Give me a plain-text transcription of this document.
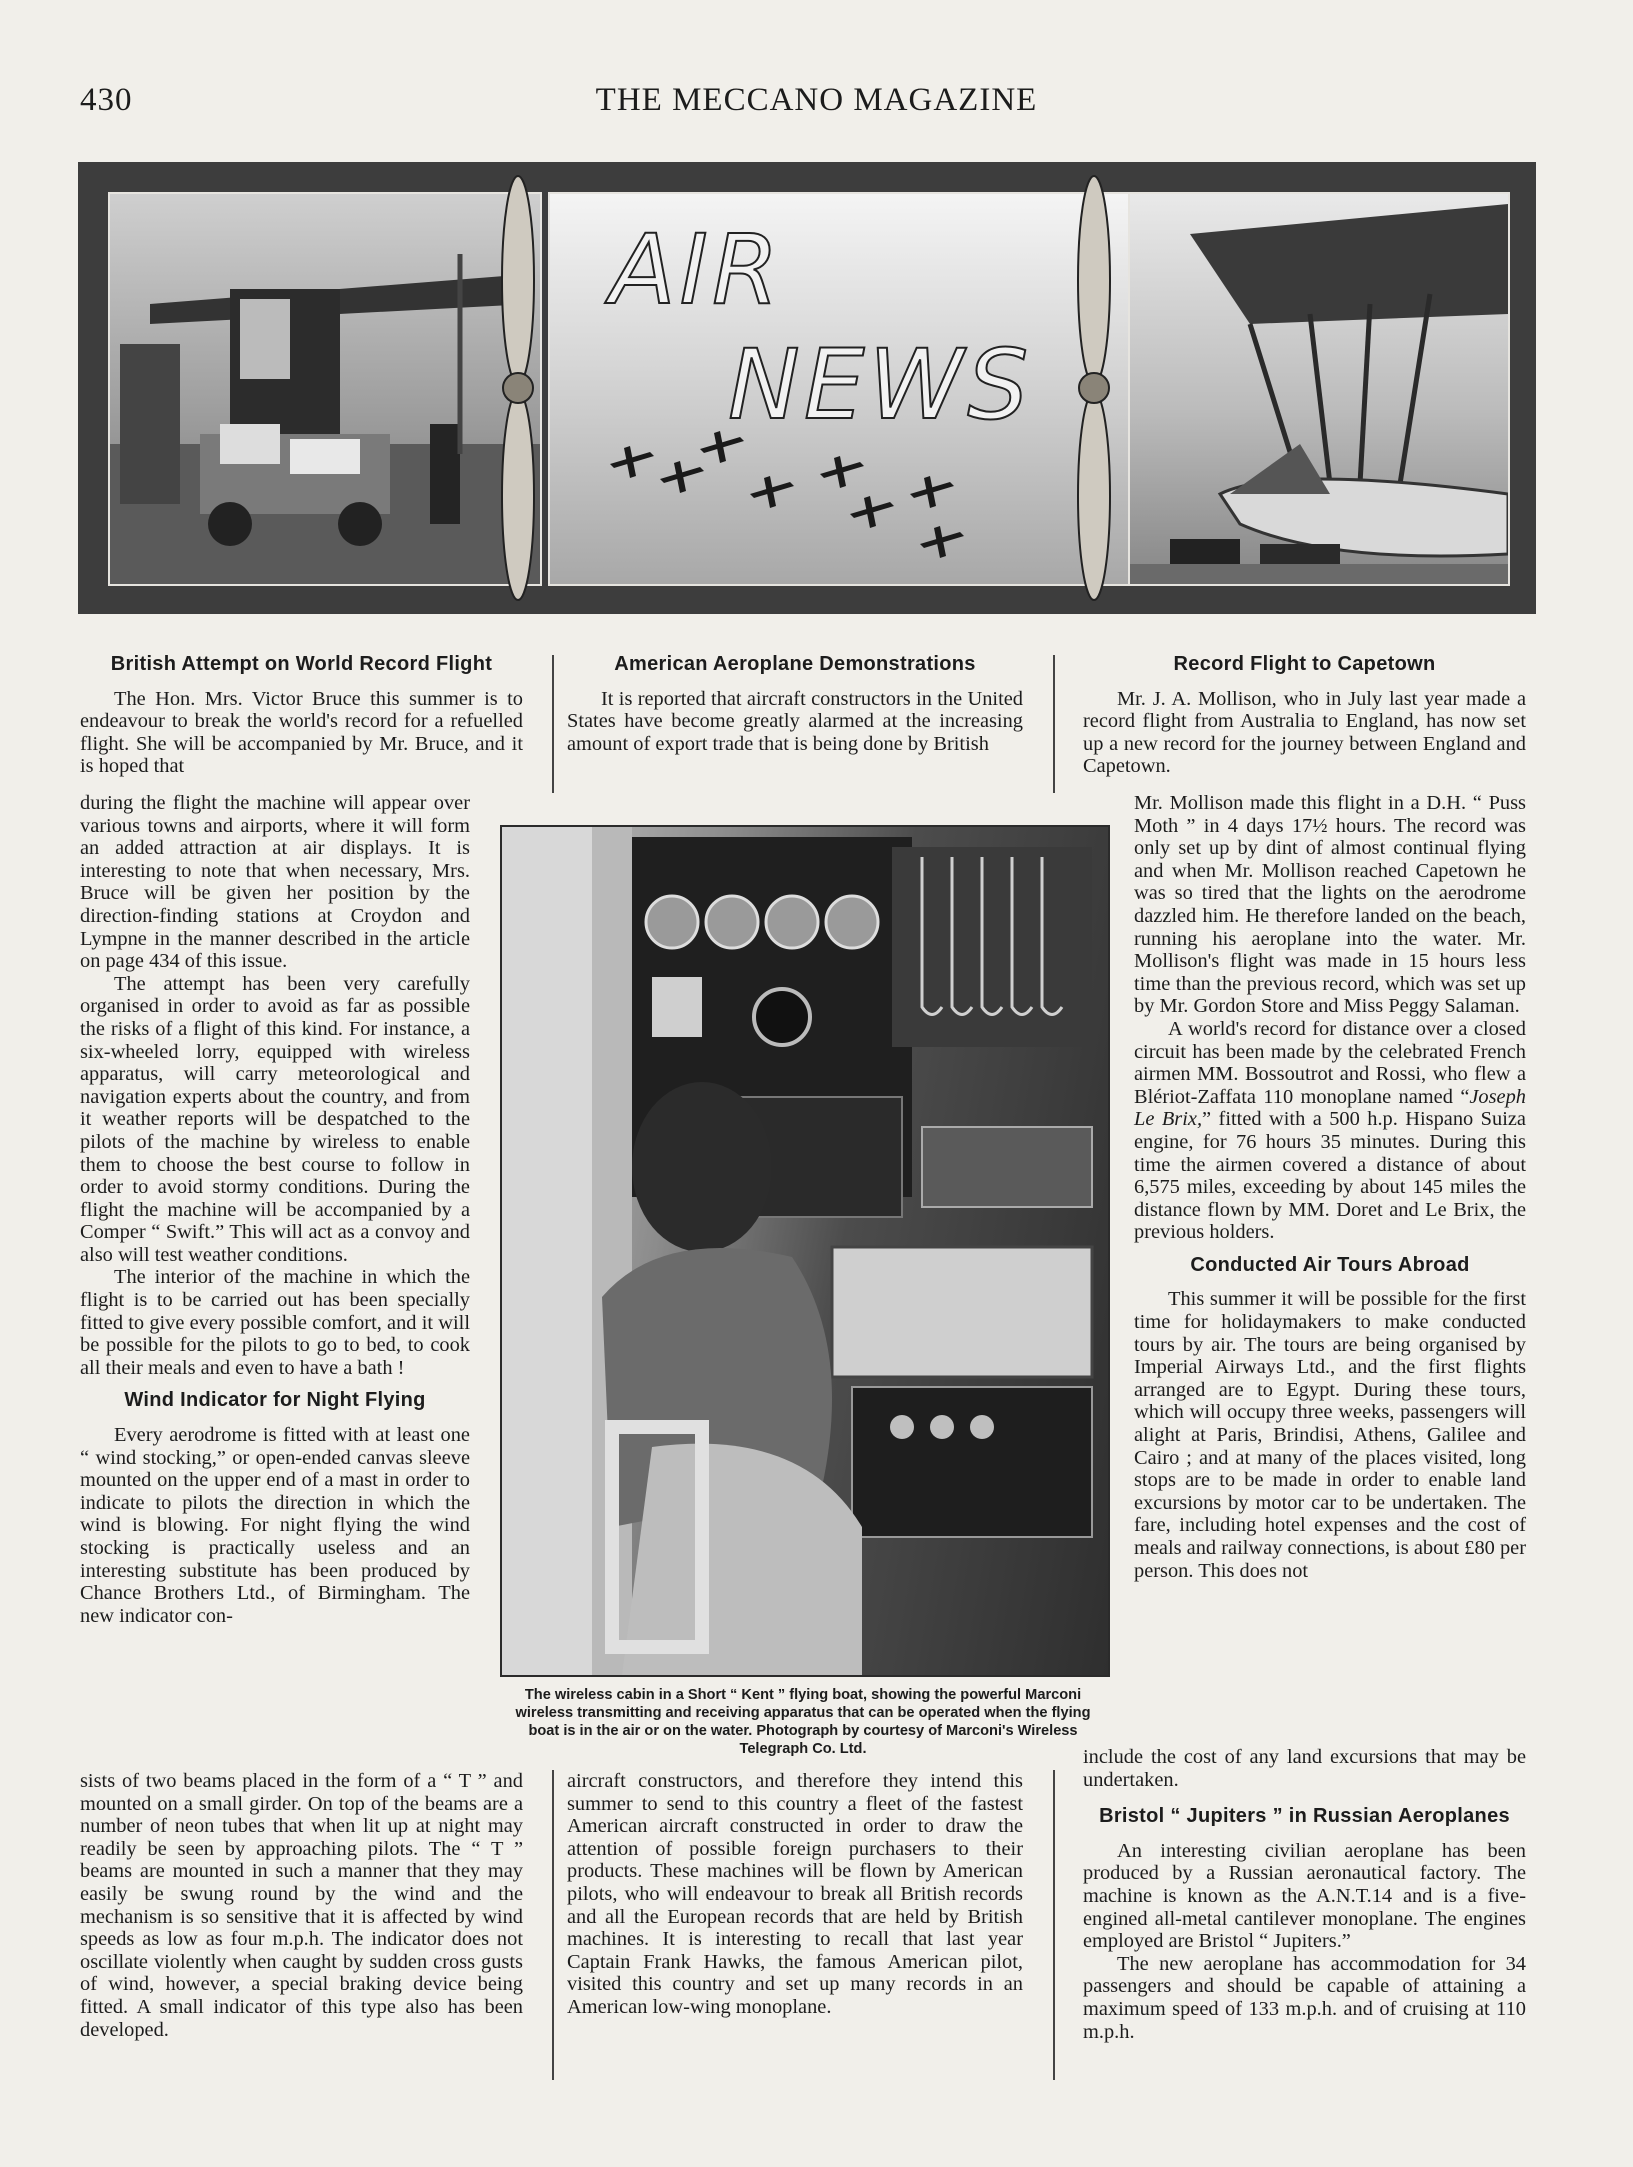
430	THE MECCANO MAGAZINE
AIR
NEWS
British Attempt on World Record Flight

The Hon. Mrs. Victor Bruce this summer is to endeavour to break the world's record for a refuelled flight. She will be accompanied by Mr. Bruce, and it is hoped that

during the flight the machine will appear over various towns and airports, where it will form an added attraction at air displays. It is interesting to note that when necessary, Mrs. Bruce will be given her position by the direction-finding stations at Croydon and Lympne in the manner described in the article on page 434 of this issue.

The attempt has been very carefully organised in order to avoid as far as possible the risks of a flight of this kind. For instance, a six-wheeled lorry, equipped with wireless apparatus, will carry meteorological and navigation experts about the country, and from it weather reports will be despatched to the pilots of the machine by wireless to enable them to choose the best course to follow in order to avoid stormy conditions. During the flight the machine will be accompanied by a Comper “ Swift.” This will act as a convoy and also will test weather conditions.

The interior of the machine in which the flight is to be carried out has been specially fitted to give every possible comfort, and it will be possible for the pilots to go to bed, to cook all their meals and even to have a bath !

Wind Indicator for Night Flying

Every aerodrome is fitted with at least one “ wind stocking,” or open-ended canvas sleeve mounted on the upper end of a mast in order to indicate to pilots the direction in which the wind is blowing. For night flying the wind stocking is practically useless and an interesting substitute has been produced by Chance Brothers Ltd., of Birmingham. The new indicator con-

sists of two beams placed in the form of a “ T ” and mounted on a small girder. On top of the beams are a number of neon tubes that when lit up at night may readily be seen by approaching pilots. The “ T ” beams are mounted in such a manner that they may easily be swung round by the wind and the mechanism is so sensitive that it is affected by wind speeds as low as four m.p.h. The indicator does not oscillate violently when caught by sudden cross gusts of wind, however, a special braking device being fitted. A small indicator of this type also has been developed.

American Aeroplane Demonstrations

It is reported that aircraft constructors in the United States have become greatly alarmed at the increasing amount of export trade that is being done by British

The wireless cabin in a Short “ Kent ” flying boat, showing the powerful Marconi wireless transmitting and receiving apparatus that can be operated when the flying boat is in the air or on the water. Photograph by courtesy of Marconi's Wireless Telegraph Co. Ltd.

aircraft constructors, and therefore they intend this summer to send to this country a fleet of the fastest American aircraft constructed in order to draw the attention of possible foreign purchasers to their products. These machines will be flown by American pilots, who will endeavour to break all British records and all the European records that are held by British machines. It is interesting to recall that last year Captain Frank Hawks, the famous American pilot, visited this country and set up many records in an American low-wing monoplane.

Record Flight to Capetown

Mr. J. A. Mollison, who in July last year made a record flight from Australia to England, has now set up a new record for the journey between England and Capetown.

Mr. Mollison made this flight in a D.H. “ Puss Moth ” in 4 days 17½ hours. The record was only set up by dint of almost continual flying and when Mr. Mollison reached Capetown he was so tired that the lights on the aerodrome dazzled him. He therefore landed on the beach, running his aeroplane into the water. Mr. Mollison's flight was made in 15 hours less time than the previous record, which was set up by Mr. Gordon Store and Miss Peggy Salaman.

A world's record for distance over a closed circuit has been made by the celebrated French airmen MM. Bossoutrot and Rossi, who flew a Blériot-Zaffata 110 monoplane named “Joseph Le Brix,” fitted with a 500 h.p. Hispano Suiza engine, for 76 hours 35 minutes. During this time the airmen covered a distance of about 6,575 miles, exceeding by about 145 miles the distance flown by MM. Doret and Le Brix, the previous holders.

Conducted Air Tours Abroad

This summer it will be possible for the first time for holidaymakers to make conducted tours by air. The tours are being organised by Imperial Airways Ltd., and the first flights arranged are to Egypt. During these tours, which will occupy three weeks, passengers will alight at Paris, Brindisi, Athens, Galilee and Cairo ; and at many of the places visited, long stops are to be made in order to enable land excursions by motor car to be undertaken. The fare, including hotel expenses and the cost of meals and railway connections, is about £80 per person. This does not

include the cost of any land excursions that may be undertaken.

Bristol “ Jupiters ” in Russian Aeroplanes

An interesting civilian aeroplane has been produced by a Russian aeronautical factory. The machine is known as the A.N.T.14 and is a five-engined all-metal cantilever monoplane. The engines employed are Bristol “ Jupiters.”

The new aeroplane has accommodation for 34 passengers and should be capable of attaining a maximum speed of 133 m.p.h. and of cruising at 110 m.p.h.
